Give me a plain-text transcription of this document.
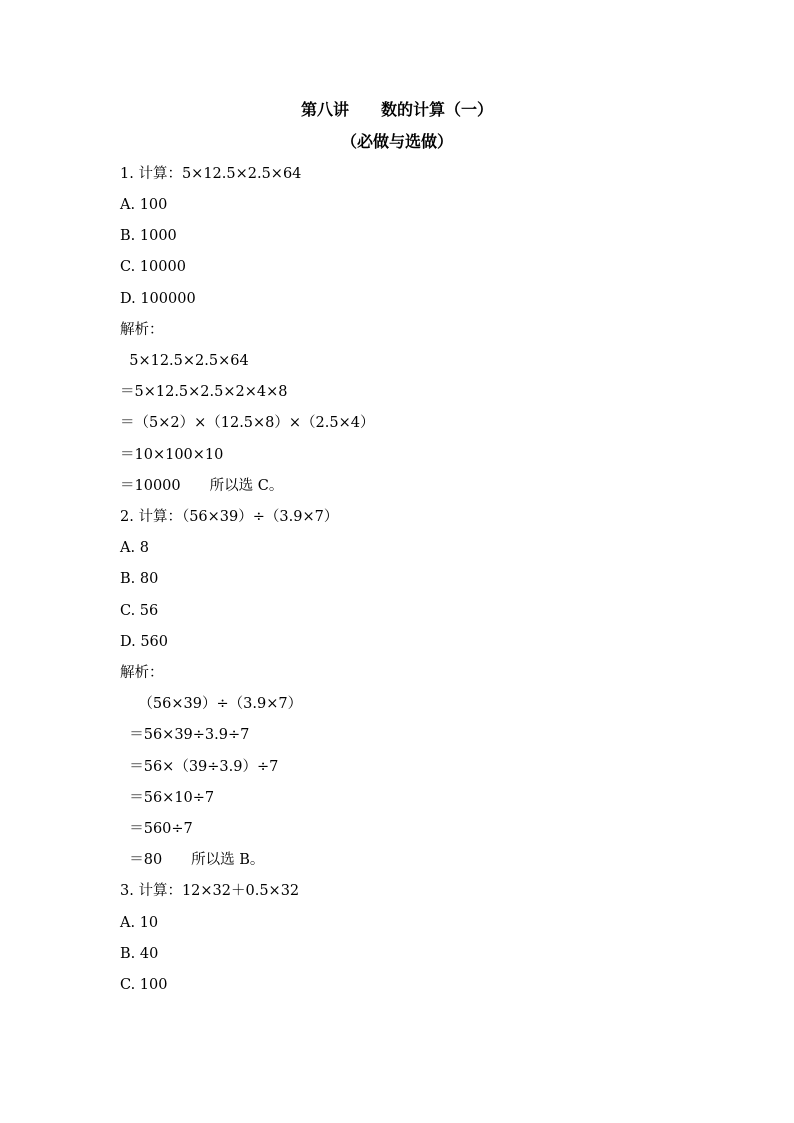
第八讲　　数的计算（一）
（必做与选做）
1. 计算：5×12.5×2.5×64
A. 100
B. 1000
C. 10000
D. 100000
解析：
5×12.5×2.5×64
＝5×12.5×2.5×2×4×8
＝（5×2）×（12.5×8）×（2.5×4）
＝10×100×10
＝10000　　所以选 C。
2. 计算：（56×39）÷（3.9×7）
A. 8
B. 80
C. 56
D. 560
解析：
（56×39）÷（3.9×7）
＝56×39÷3.9÷7
＝56×（39÷3.9）÷7
＝56×10÷7
＝560÷7
＝80　　所以选 B。
3. 计算：12×32＋0.5×32
A. 10
B. 40
C. 100
